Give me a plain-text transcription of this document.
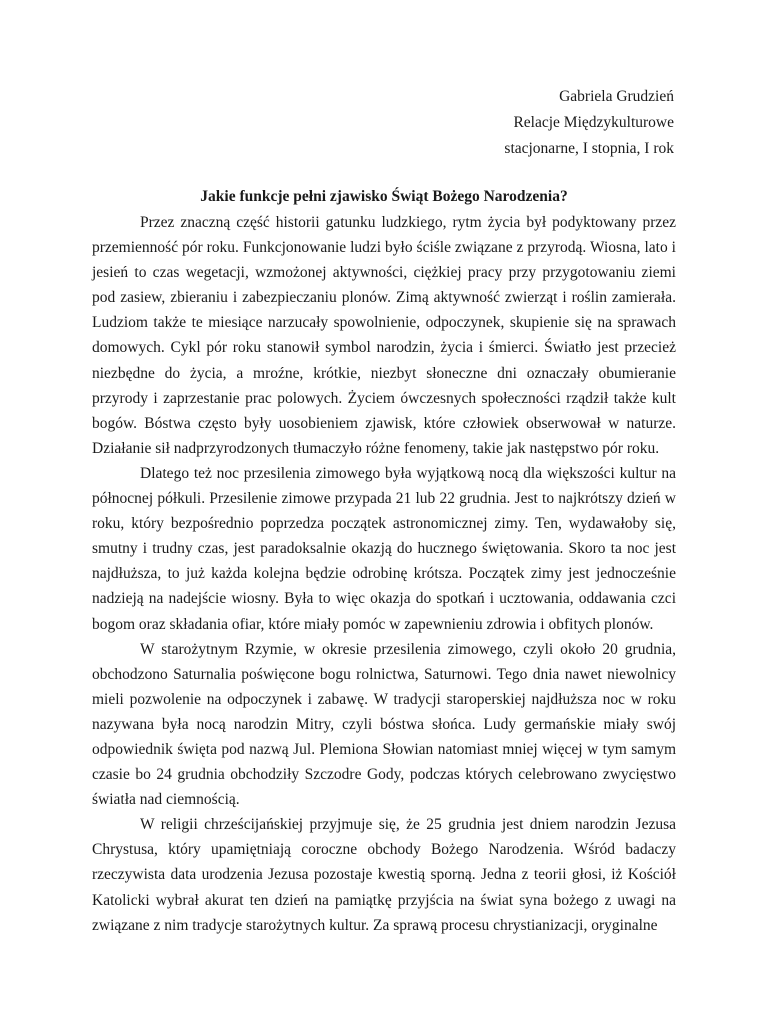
Gabriela Grudzień
Relacje Międzykulturowe
stacjonarne, I stopnia, I rok
Jakie funkcje pełni zjawisko Świąt Bożego Narodzenia?

Przez znaczną część historii gatunku ludzkiego, rytm życia był podyktowany przez przemienność pór roku. Funkcjonowanie ludzi było ściśle związane z przyrodą. Wiosna, lato i jesień to czas wegetacji, wzmożonej aktywności, ciężkiej pracy przy przygotowaniu ziemi pod zasiew, zbieraniu i zabezpieczaniu plonów. Zimą aktywność zwierząt i roślin zamierała. Ludziom także te miesiące narzucały spowolnienie, odpoczynek, skupienie się na sprawach domowych. Cykl pór roku stanowił symbol narodzin, życia i śmierci. Światło jest przecież niezbędne do życia, a mroźne, krótkie, niezbyt słoneczne dni oznaczały obumieranie przyrody i zaprzestanie prac polowych. Życiem ówczesnych społeczności rządził także kult bogów. Bóstwa często były uosobieniem zjawisk, które człowiek obserwował w naturze. Działanie sił nadprzyrodzonych tłumaczyło różne fenomeny, takie jak następstwo pór roku.

Dlatego też noc przesilenia zimowego była wyjątkową nocą dla większości kultur na północnej półkuli. Przesilenie zimowe przypada 21 lub 22 grudnia. Jest to najkrótszy dzień w roku, który bezpośrednio poprzedza początek astronomicznej zimy. Ten, wydawałoby się, smutny i trudny czas, jest paradoksalnie okazją do hucznego świętowania. Skoro ta noc jest najdłuższa, to już każda kolejna będzie odrobinę krótsza. Początek zimy jest jednocześnie nadzieją na nadejście wiosny. Była to więc okazja do spotkań i ucztowania, oddawania czci bogom oraz składania ofiar, które miały pomóc w zapewnieniu zdrowia i obfitych plonów.

W starożytnym Rzymie, w okresie przesilenia zimowego, czyli około 20 grudnia, obchodzono Saturnalia poświęcone bogu rolnictwa, Saturnowi. Tego dnia nawet niewolnicy mieli pozwolenie na odpoczynek i zabawę. W tradycji staroperskiej najdłuższa noc w roku nazywana była nocą narodzin Mitry, czyli bóstwa słońca. Ludy germańskie miały swój odpowiednik święta pod nazwą Jul. Plemiona Słowian natomiast mniej więcej w tym samym czasie bo 24 grudnia obchodziły Szczodre Gody, podczas których celebrowano zwycięstwo światła nad ciemnością.

W religii chrześcijańskiej przyjmuje się, że 25 grudnia jest dniem narodzin Jezusa Chrystusa, który upamiętniają coroczne obchody Bożego Narodzenia. Wśród badaczy rzeczywista data urodzenia Jezusa pozostaje kwestią sporną. Jedna z teorii głosi, iż Kościół Katolicki wybrał akurat ten dzień na pamiątkę przyjścia na świat syna bożego z uwagi na związane z nim tradycje starożytnych kultur. Za sprawą procesu chrystianizacji, oryginalne
